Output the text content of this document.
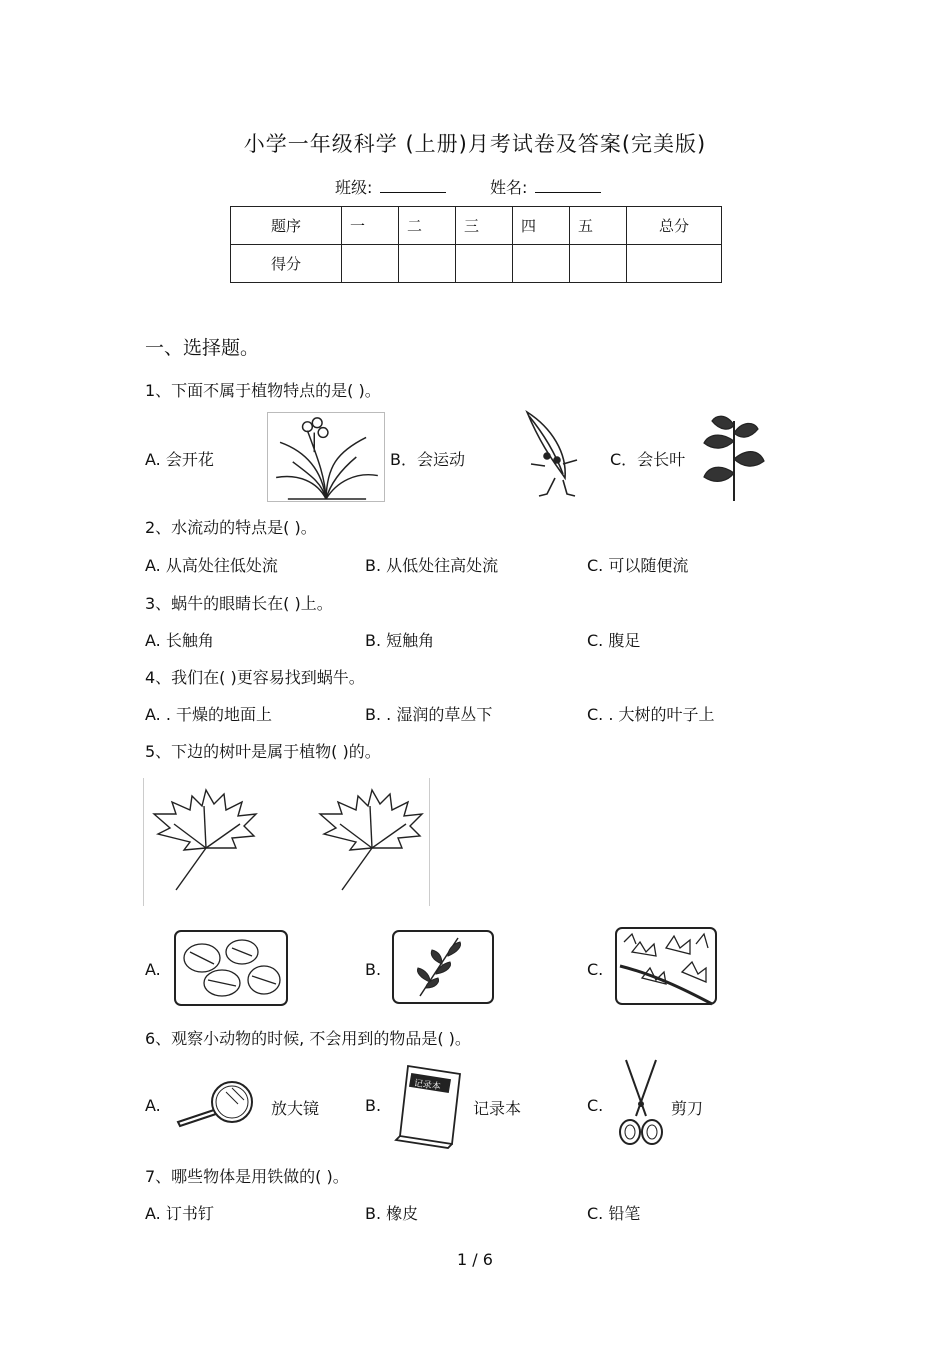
小学一年级科学 (上册)月考试卷及答案(完美版)
班级:	姓名:
题序	一	二	三	四	五	总分
得分						
一、选择题。
1、下面不属于植物特点的是( )。
A. 会开花	B．会运动	C．会长叶
2、水流动的特点是( )。
A. 从高处往低处流	B. 从低处往高处流	C. 可以随便流
3、蜗牛的眼睛长在( )上。
A. 长触角	B. 短触角	C. 腹足
4、我们在( )更容易找到蜗牛。
A. . 干燥的地面上	B. . 湿润的草丛下	C. . 大树的叶子上
5、下边的树叶是属于植物( )的。
A.	B.	C.
6、观察小动物的时候, 不会用到的物品是( )。
A.	放大镜	B.
记录本
记录本	C.	剪刀
7、哪些物体是用铁做的( )。
A. 订书钉	B. 橡皮	C. 铅笔
1 / 6
